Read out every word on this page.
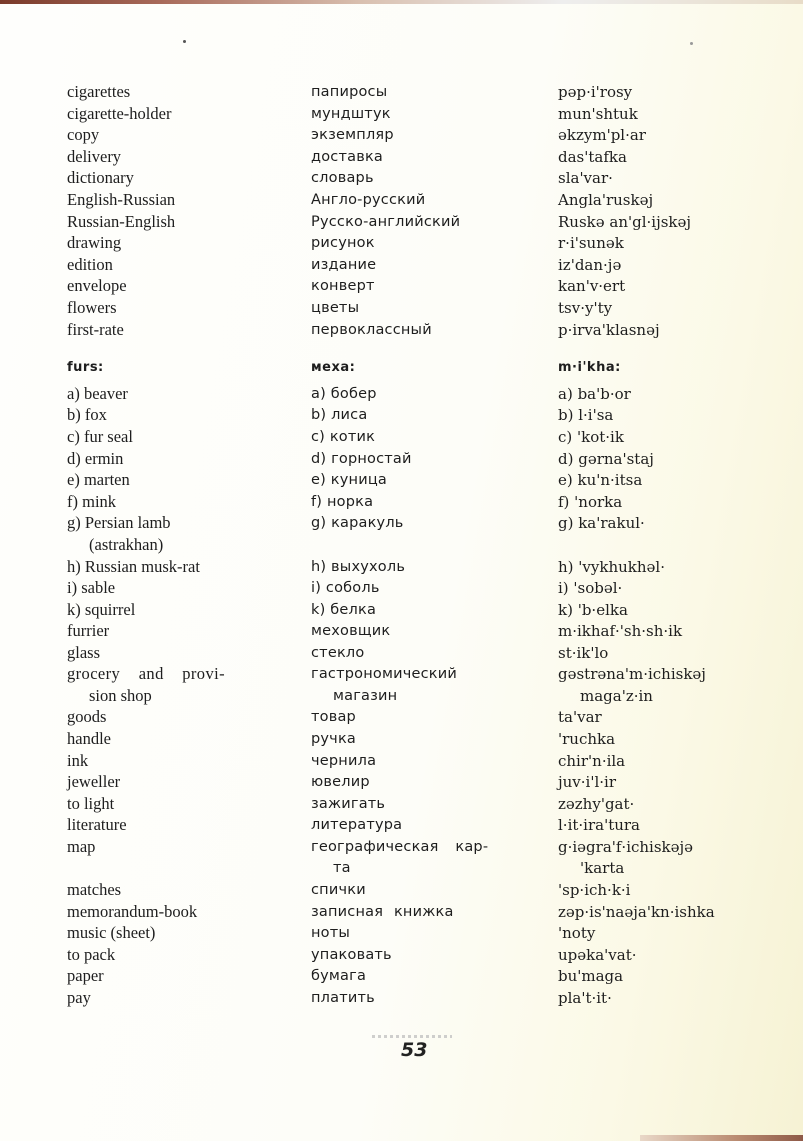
cigarettes
cigarette-holder
copy
delivery
dictionary
English-Russian
Russian-English
drawing
edition
envelope
flowers
first-rate
furs:
a) beaver
b) fox
c) fur seal
d) ermin
e) marten
f) mink
g) Persian lamb
(astrakhan)
h) Russian musk-rat
i) sable
k) squirrel
furrier
glass
grocery and provi-
sion shop
goods
handle
ink
jeweller
to light
literature
map
matches
memorandum-book
music (sheet)
to pack
paper
pay
папиросы
мундштук
экземпляр
доставка
словарь
Англо-русский
Русско-английский
рисунок
издание
конверт
цветы
первоклассный
меха:
a) бобер
b) лиса
c) котик
d) горностай
e) куница
f) норка
g) каракуль
h) выхухоль
i) соболь
k) белка
меховщик
стекло
гастрономический
магазин
товар
ручка
чернила
ювелир
зажигать
литература
географическая кар-
та
спички
записная книжка
ноты
упаковать
бумага
платить
pəp·i'rosy
mun'shtuk
əkzym'pl·ar
das'tafka
sla'var·
Angla'ruskəj
Ruskə an'gl·ijskəj
r·i'sunək
iz'dan·jə
kan'v·ert
tsv·y'ty
p·irva'klasnəj
m·i'kha:
a) ba'b·or
b) l·i'sa
c) 'kot·ik
d) gərna'staj
e) ku'n·itsa
f) 'norka
g) ka'rakul·
h) 'vykhukhəl·
i) 'sobəl·
k) 'b·elka
m·ikhaf·'sh·sh·ik
st·ik'lo
gəstrəna'm·ichiskəj
maga'z·in
ta'var
'ruchka
chir'n·ila
juv·i'l·ir
zəzhy'gat·
l·it·ira'tura
g·iəgra'f·ichiskəjə
'karta
'sp·ich·k·i
zəp·is'naəja'kn·ishka
'noty
upəka'vat·
bu'maga
pla't·it·
53
